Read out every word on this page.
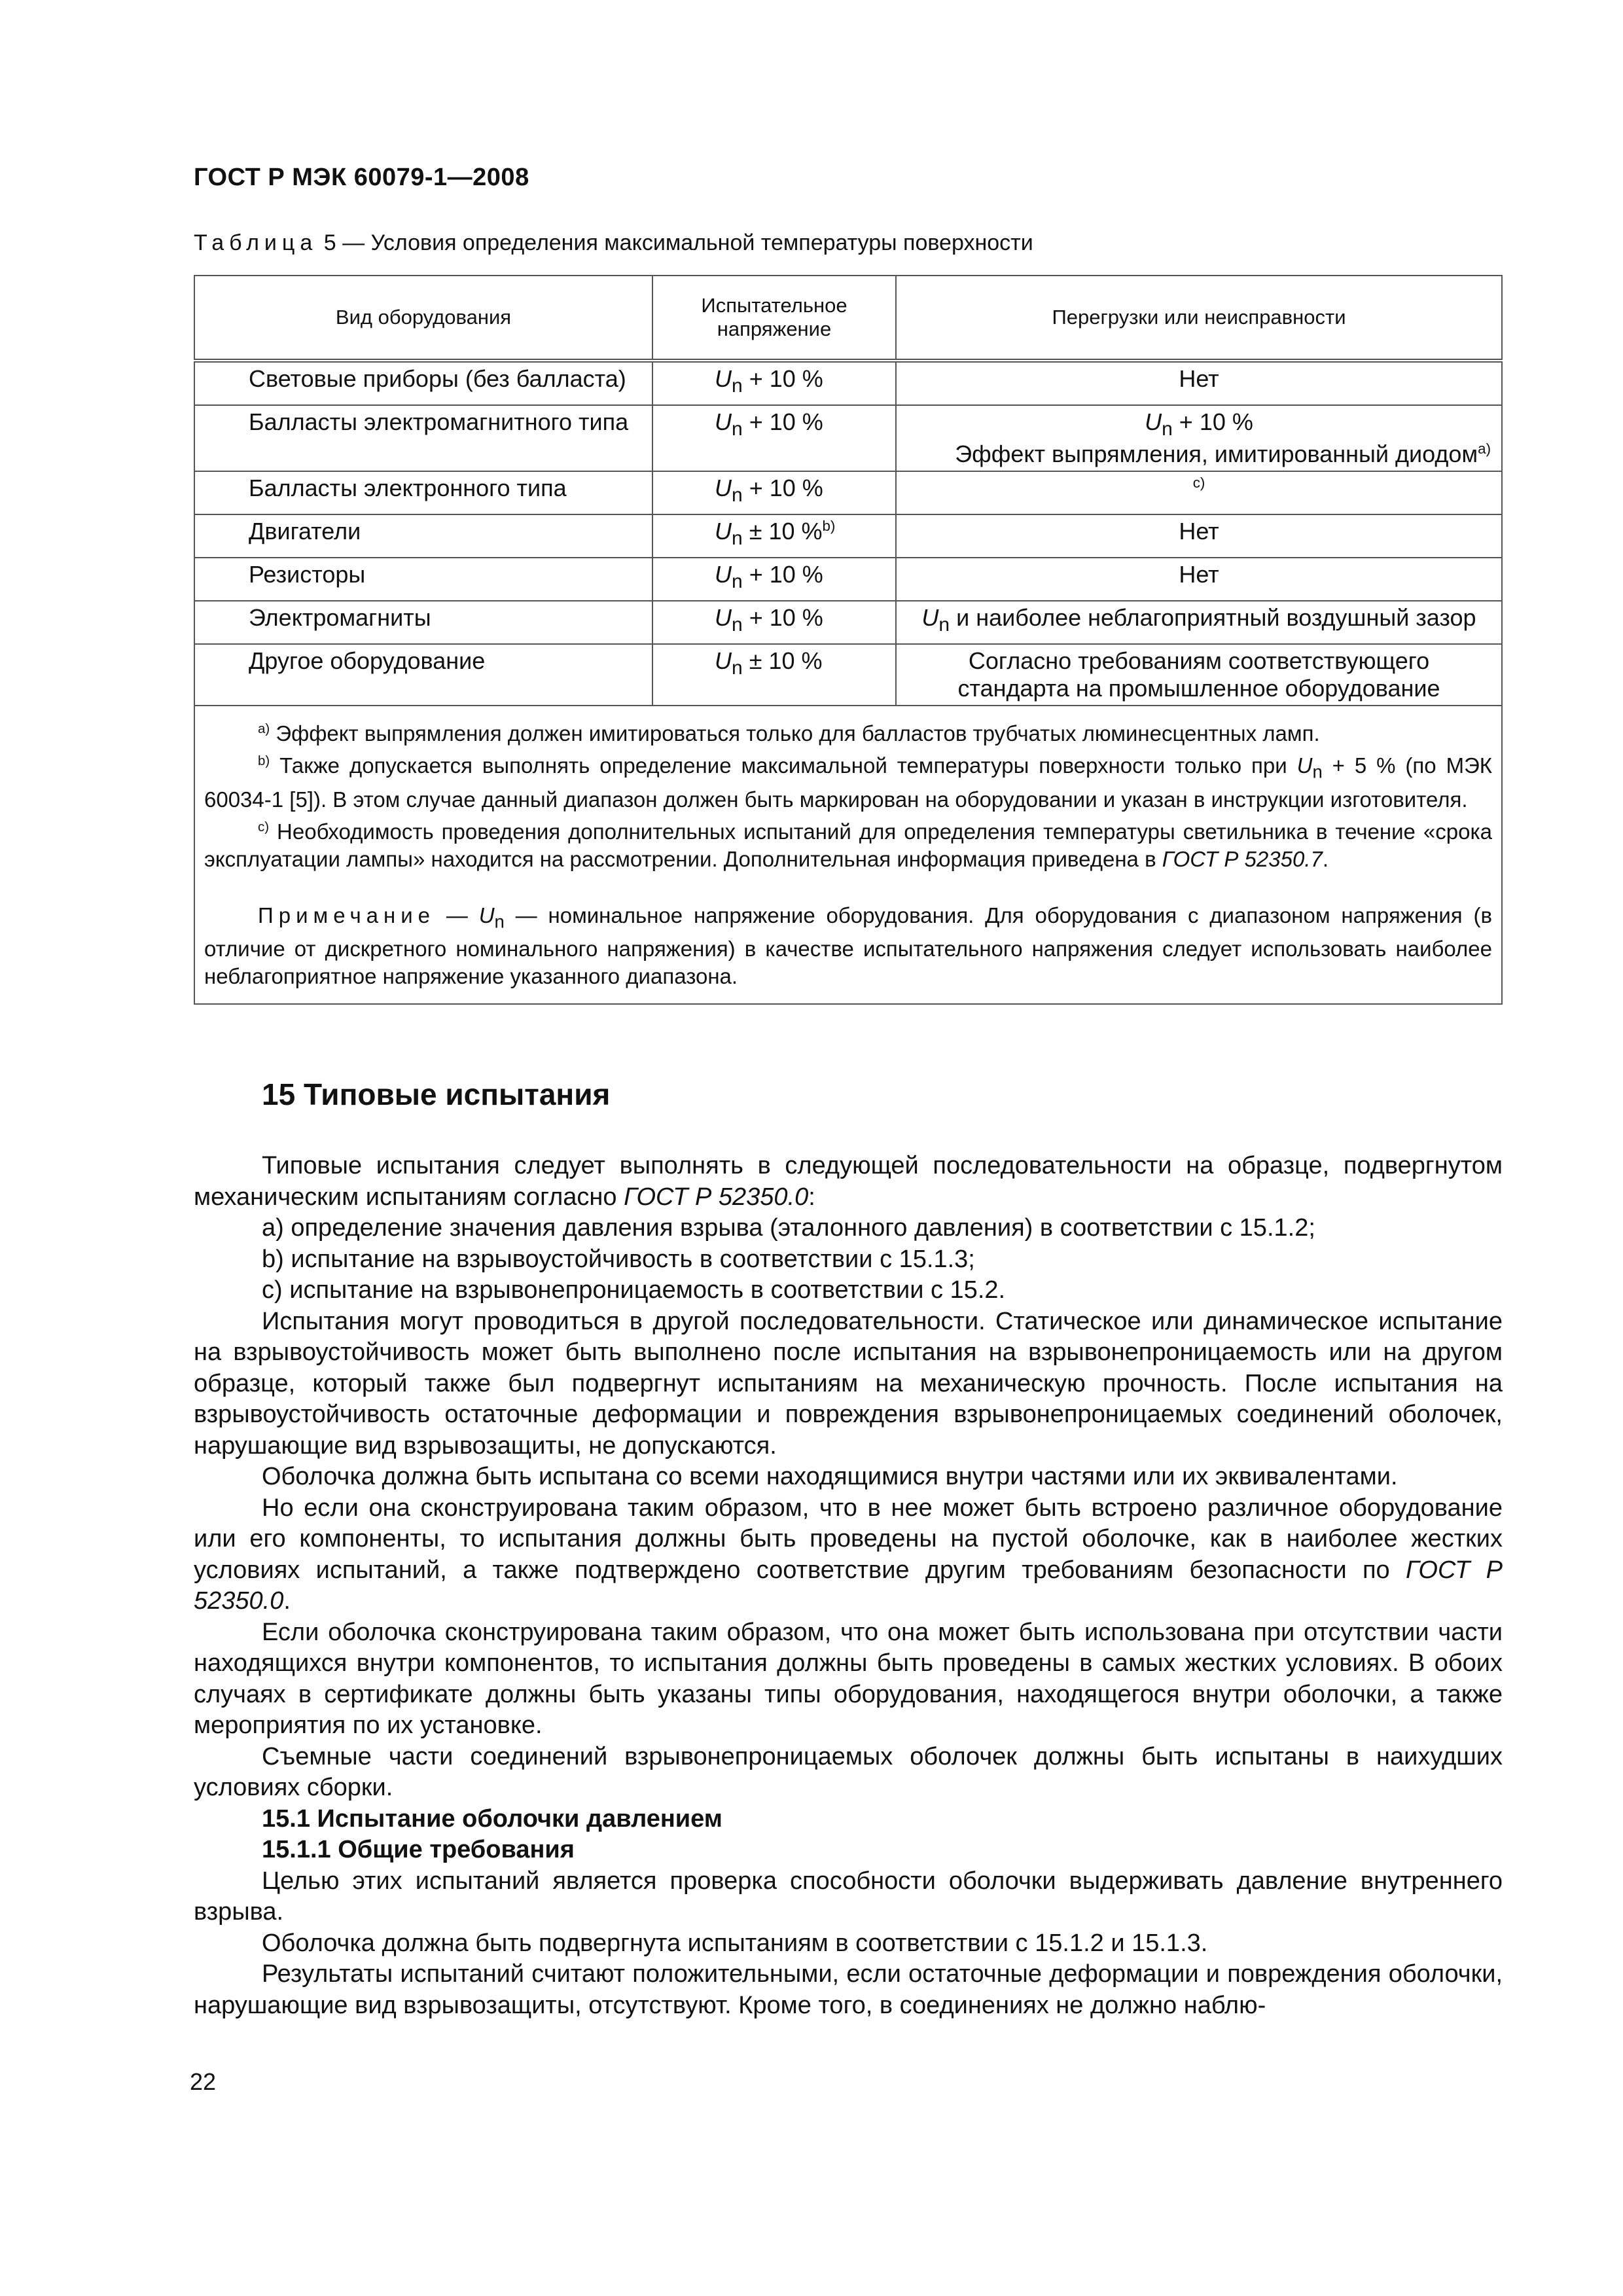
ГОСТ Р МЭК 60079-1—2008
Таблица 5 — Условия определения максимальной температуры поверхности
Вид оборудования	Испытательное напряжение	Перегрузки или неисправности
Световые приборы (без балласта)	$U_n + 10$ %	Нет
Балласты электромагнитного типа	$U_n + 10$ %	$U_n + 10$ %
Эффект выпрямления, имитированный диодом$^{a)}$

Балласты электронного типа	$U_n + 10$ %	$^{c)}$
Двигатели	$U_n \pm 10$ %$^{b)}$	Нет
Резисторы	$U_n + 10$ %	Нет
Электромагниты	$U_n + 10$ %	$U_n$ и наиболее неблагоприятный воздушный зазор
Другое оборудование	$U_n \pm 10$ %	Согласно требованиям соответствующего
стандарта на промышленное оборудование

$^{a)}$ Эффект выпрямления должен имитироваться только для балластов трубчатых люминесцентных ламп.
$^{b)}$ Также допускается выполнять определение максимальной температуры поверхности только при $U_n + 5$ % (по МЭК 60034-1 [5]). В этом случае данный диапазон должен быть маркирован на оборудовании и указан в инструкции изготовителя.
$^{c)}$ Необходимость проведения дополнительных испытаний для определения температуры светильника в течение «срока эксплуатации лампы» находится на рассмотрении. Дополнительная информация приведена в ГОСТ Р 52350.7.
Примечание — $U_n$ — номинальное напряжение оборудования. Для оборудования с диапазоном напряжения (в отличие от дискретного номинального напряжения) в качестве испытательного напряжения следует использовать наиболее неблагоприятное напряжение указанного диапазона.		
15 Типовые испытания

Типовые испытания следует выполнять в следующей последовательности на образце, подвергнутом механическим испытаниям согласно ГОСТ Р 52350.0:

a) определение значения давления взрыва (эталонного давления) в соответствии с 15.1.2;

b) испытание на взрывоустойчивость в соответствии с 15.1.3;

c) испытание на взрывонепроницаемость в соответствии с 15.2.

Испытания могут проводиться в другой последовательности. Статическое или динамическое испытание на взрывоустойчивость может быть выполнено после испытания на взрывонепроницаемость или на другом образце, который также был подвергнут испытаниям на механическую прочность. После испытания на взрывоустойчивость остаточные деформации и повреждения взрывонепроницаемых соединений оболочек, нарушающие вид взрывозащиты, не допускаются.

Оболочка должна быть испытана со всеми находящимися внутри частями или их эквивалентами.

Но если она сконструирована таким образом, что в нее может быть встроено различное оборудование или его компоненты, то испытания должны быть проведены на пустой оболочке, как в наиболее жестких условиях испытаний, а также подтверждено соответствие другим требованиям безопасности по ГОСТ Р 52350.0.

Если оболочка сконструирована таким образом, что она может быть использована при отсутствии части находящихся внутри компонентов, то испытания должны быть проведены в самых жестких условиях. В обоих случаях в сертификате должны быть указаны типы оборудования, находящегося внутри оболочки, а также мероприятия по их установке.

Съемные части соединений взрывонепроницаемых оболочек должны быть испытаны в наихудших условиях сборки.

15.1 Испытание оболочки давлением

15.1.1 Общие требования

Целью этих испытаний является проверка способности оболочки выдерживать давление внутреннего взрыва.

Оболочка должна быть подвергнута испытаниям в соответствии с 15.1.2 и 15.1.3.

Результаты испытаний считают положительными, если остаточные деформации и повреждения оболочки, нарушающие вид взрывозащиты, отсутствуют. Кроме того, в соединениях не должно наблю-

22
